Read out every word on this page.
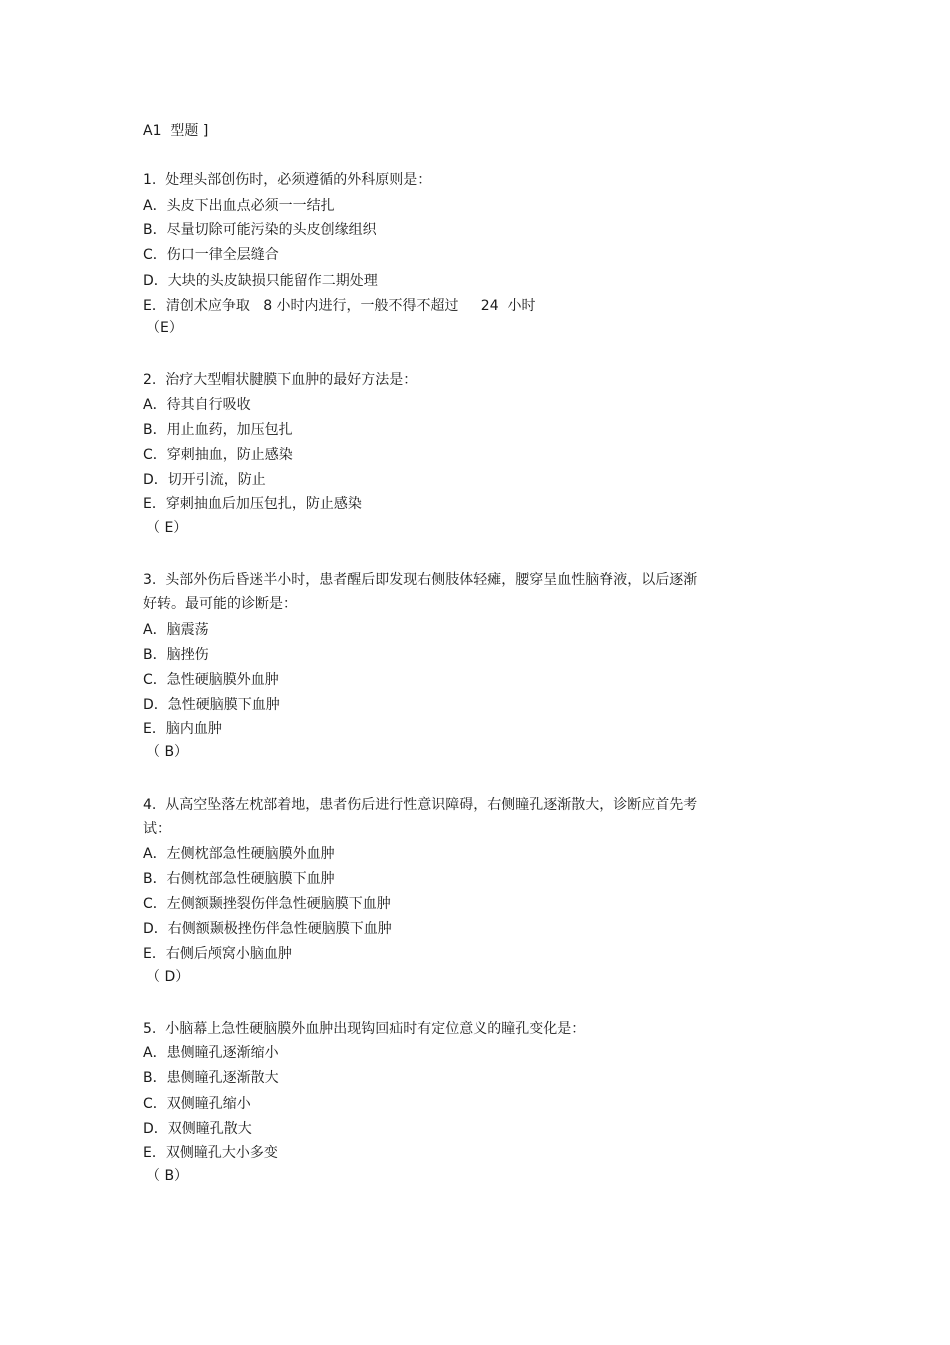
A1  型题 ]
1.  处理头部创伤时，必须遵循的外科原则是：
A．头皮下出血点必须一一结扎
B．尽量切除可能污染的头皮创缘组织
C．伤口一律全层缝合
D．大块的头皮缺损只能留作二期处理
E．清创术应争取   8 小时内进行，一般不得不超过     24  小时
（E）
2.  治疗大型帽状腱膜下血肿的最好方法是：
A．待其自行吸收
B．用止血药，加压包扎
C．穿刺抽血，防止感染
D．切开引流，防止
E．穿刺抽血后加压包扎，防止感染
（ E）
3.  头部外伤后昏迷半小时，患者醒后即发现右侧肢体轻瘫，腰穿呈血性脑脊液，以后逐渐
好转。最可能的诊断是：
A．脑震荡
B．脑挫伤
C．急性硬脑膜外血肿
D．急性硬脑膜下血肿
E．脑内血肿
（ B）
4.  从高空坠落左枕部着地，患者伤后进行性意识障碍，右侧瞳孔逐渐散大，诊断应首先考
试：
A．左侧枕部急性硬脑膜外血肿
B．右侧枕部急性硬脑膜下血肿
C．左侧额颞挫裂伤伴急性硬脑膜下血肿
D．右侧额颞极挫伤伴急性硬脑膜下血肿
E．右侧后颅窝小脑血肿
（ D）
5.  小脑幕上急性硬脑膜外血肿出现钩回疝时有定位意义的瞳孔变化是：
A．患侧瞳孔逐渐缩小
B．患侧瞳孔逐渐散大
C．双侧瞳孔缩小
D．双侧瞳孔散大
E．双侧瞳孔大小多变
（ B）
